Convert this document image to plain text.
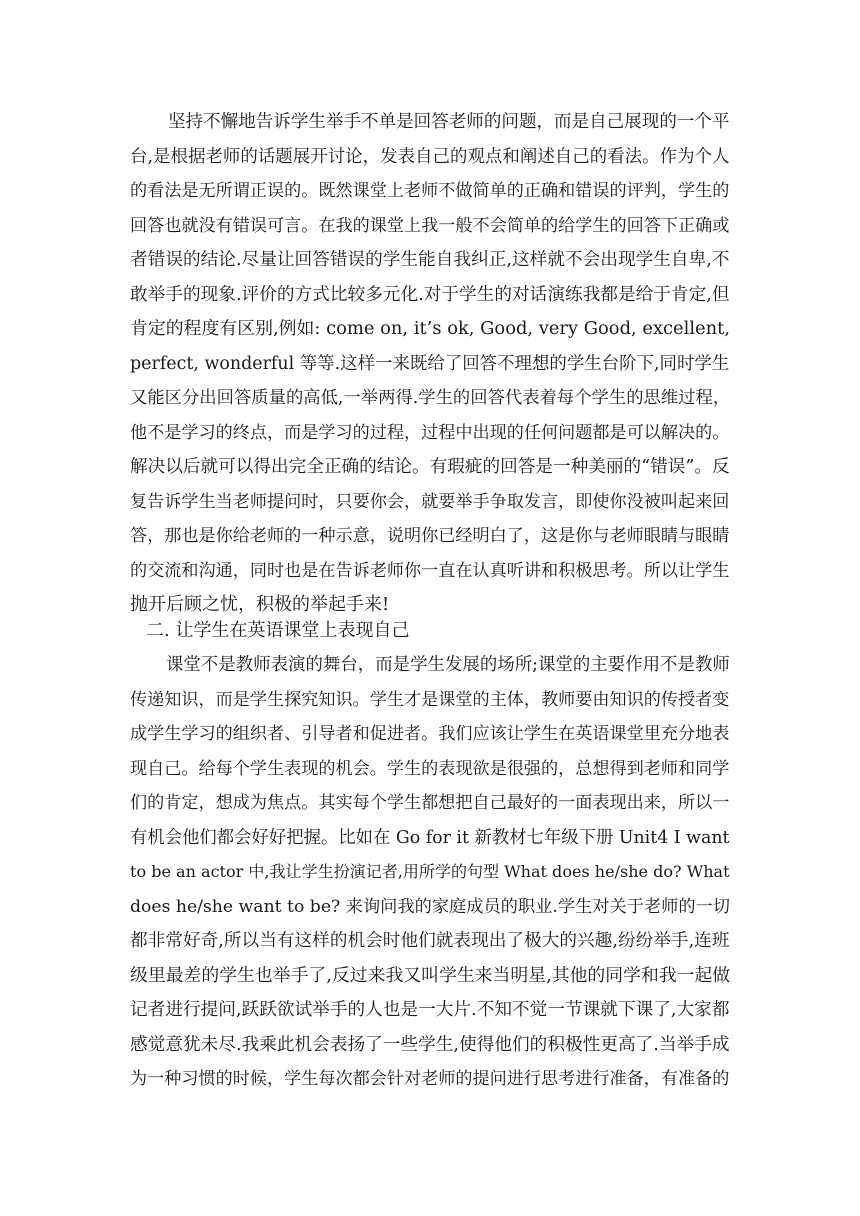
坚持不懈地告诉学生举手不单是回答老师的问题，而是自己展现的一个平
台,是根据老师的话题展开讨论，发表自己的观点和阐述自己的看法。作为个人
的看法是无所谓正误的。既然课堂上老师不做简单的正确和错误的评判，学生的
回答也就没有错误可言。在我的课堂上我一般不会简单的给学生的回答下正确或
者错误的结论.尽量让回答错误的学生能自我纠正,这样就不会出现学生自卑,不
敢举手的现象.评价的方式比较多元化.对于学生的对话演练我都是给于肯定,但
肯定的程度有区别,例如: come on, it’s ok, Good, very Good, excellent,
perfect, wonderful 等等.这样一来既给了回答不理想的学生台阶下,同时学生
又能区分出回答质量的高低,一举两得.学生的回答代表着每个学生的思维过程，
他不是学习的终点，而是学习的过程，过程中出现的任何问题都是可以解决的。
解决以后就可以得出完全正确的结论。有瑕疵的回答是一种美丽的“错误”。反
复告诉学生当老师提问时，只要你会，就要举手争取发言，即使你没被叫起来回
答，那也是你给老师的一种示意，说明你已经明白了，这是你与老师眼睛与眼睛
的交流和沟通，同时也是在告诉老师你一直在认真听讲和积极思考。所以让学生
抛开后顾之忧，积极的举起手来!
二. 让学生在英语课堂上表现自己
课堂不是教师表演的舞台，而是学生发展的场所;课堂的主要作用不是教师
传递知识，而是学生探究知识。学生才是课堂的主体，教师要由知识的传授者变
成学生学习的组织者、引导者和促进者。我们应该让学生在英语课堂里充分地表
现自己。给每个学生表现的机会。学生的表现欲是很强的，总想得到老师和同学
们的肯定，想成为焦点。其实每个学生都想把自己最好的一面表现出来，所以一
有机会他们都会好好把握。比如在 Go for it 新教材七年级下册 Unit4 I want
to be an actor 中,我让学生扮演记者,用所学的句型 What does he/she do? What
does he/she want to be? 来询问我的家庭成员的职业.学生对关于老师的一切
都非常好奇,所以当有这样的机会时他们就表现出了极大的兴趣,纷纷举手,连班
级里最差的学生也举手了,反过来我又叫学生来当明星,其他的同学和我一起做
记者进行提问,跃跃欲试举手的人也是一大片.不知不觉一节课就下课了,大家都
感觉意犹未尽.我乘此机会表扬了一些学生,使得他们的积极性更高了.当举手成
为一种习惯的时候，学生每次都会针对老师的提问进行思考进行准备，有准备的
